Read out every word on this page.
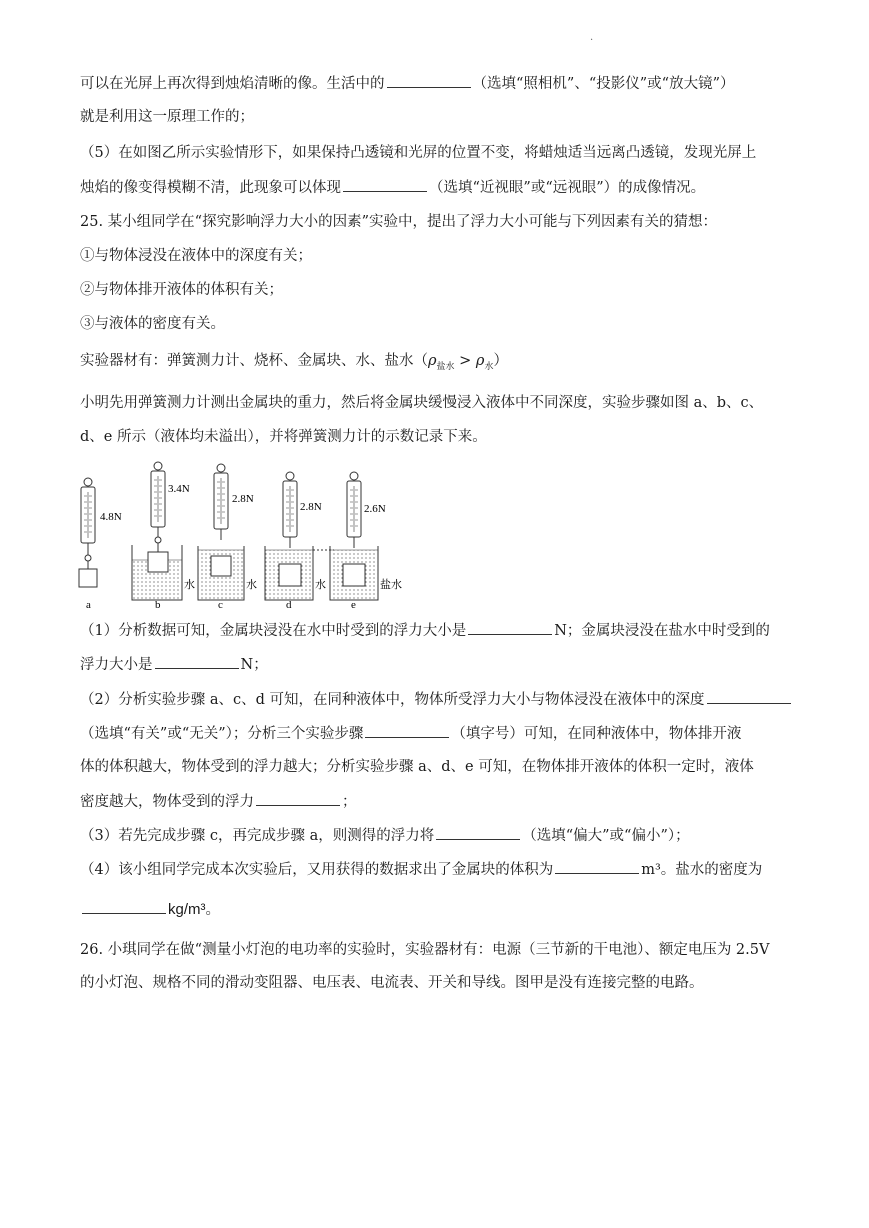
.
可以在光屏上再次得到烛焰清晰的像。生活中的	（选填“照相机”、“投影仪”或“放大镜”）
就是利用这一原理工作的；
（5）在如图乙所示实验情形下，如果保持凸透镜和光屏的位置不变，将蜡烛适当远离凸透镜，发现光屏上
烛焰的像变得模糊不清，此现象可以体现	（选填“近视眼”或“远视眼”）的成像情况。
25. 某小组同学在“探究影响浮力大小的因素”实验中，提出了浮力大小可能与下列因素有关的猜想：
①与物体浸没在液体中的深度有关；
②与物体排开液体的体积有关；
③与液体的密度有关。
实验器材有：弹簧测力计、烧杯、金属块、水、盐水$(\rho_{盐水} > \rho_水)$
小明先用弹簧测力计测出金属块的重力，然后将金属块缓慢浸入液体中不同深度，实验步骤如图 a、b、c、
d、e 所示（液体均未溢出），并将弹簧测力计的示数记录下来。
4.8N
3.4N
2.8N
2.8N	2.6N
水	水	水	盐水
a	b	c	d	e
（1）分析数据可知，金属块浸没在水中时受到的浮力大小是	N；金属块浸没在盐水中时受到的
浮力大小是	N；
（2）分析实验步骤 a、c、d 可知，在同种液体中，物体所受浮力大小与物体浸没在液体中的深度
（选填“有关”或“无关”）；分析三个实验步骤	（填字号）可知，在同种液体中，物体排开液
体的体积越大，物体受到的浮力越大；分析实验步骤 a、d、e 可知，在物体排开液体的体积一定时，液体
密度越大，物体受到的浮力	；
（3）若先完成步骤 c，再完成步骤 a，则测得的浮力将	（选填“偏大”或“偏小”）；
（4）该小组同学完成本次实验后，又用获得的数据求出了金属块的体积为	m³。盐水的密度为
kg/m³。
26. 小琪同学在做“测量小灯泡的电功率的实验时，实验器材有：电源（三节新的干电池）、额定电压为 2.5V
的小灯泡、规格不同的滑动变阻器、电压表、电流表、开关和导线。图甲是没有连接完整的电路。
